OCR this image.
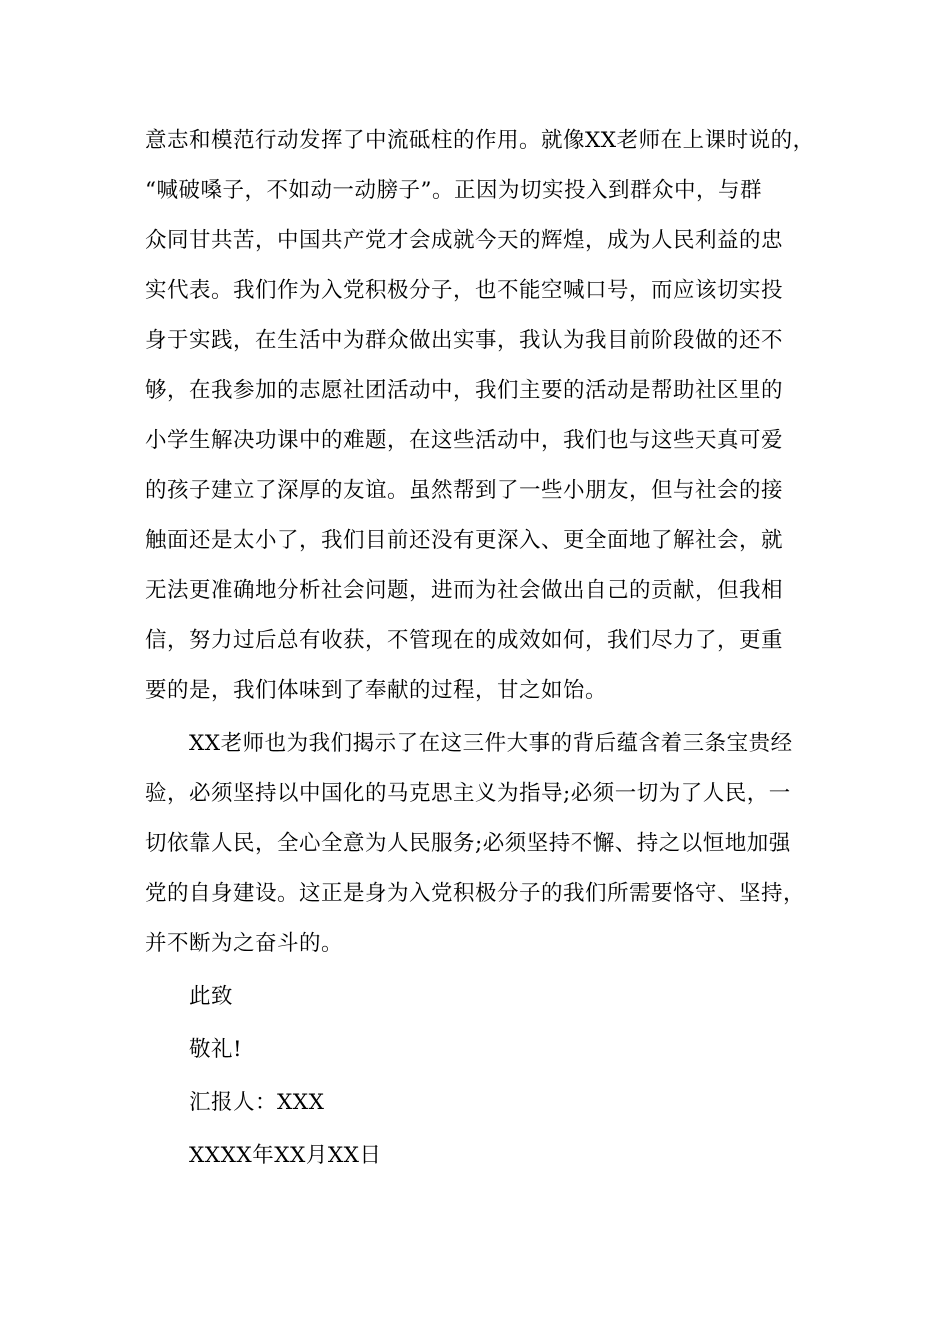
意志和模范行动发挥了中流砥柱的作用。就像XX老师在上课时说的，
“喊破嗓子，不如动一动膀子”。正因为切实投入到群众中，与群
众同甘共苦，中国共产党才会成就今天的辉煌，成为人民利益的忠
实代表。我们作为入党积极分子，也不能空喊口号，而应该切实投
身于实践，在生活中为群众做出实事，我认为我目前阶段做的还不
够，在我参加的志愿社团活动中，我们主要的活动是帮助社区里的
小学生解决功课中的难题，在这些活动中，我们也与这些天真可爱
的孩子建立了深厚的友谊。虽然帮到了一些小朋友，但与社会的接
触面还是太小了，我们目前还没有更深入、更全面地了解社会，就
无法更准确地分析社会问题，进而为社会做出自己的贡献，但我相
信，努力过后总有收获，不管现在的成效如何，我们尽力了，更重
要的是，我们体味到了奉献的过程，甘之如饴。
XX老师也为我们揭示了在这三件大事的背后蕴含着三条宝贵经
验，必须坚持以中国化的马克思主义为指导;必须一切为了人民，一
切依靠人民，全心全意为人民服务;必须坚持不懈、持之以恒地加强
党的自身建设。这正是身为入党积极分子的我们所需要恪守、坚持，
并不断为之奋斗的。

此致

敬礼!

汇报人：XXX

XXXX年XX月XX日
